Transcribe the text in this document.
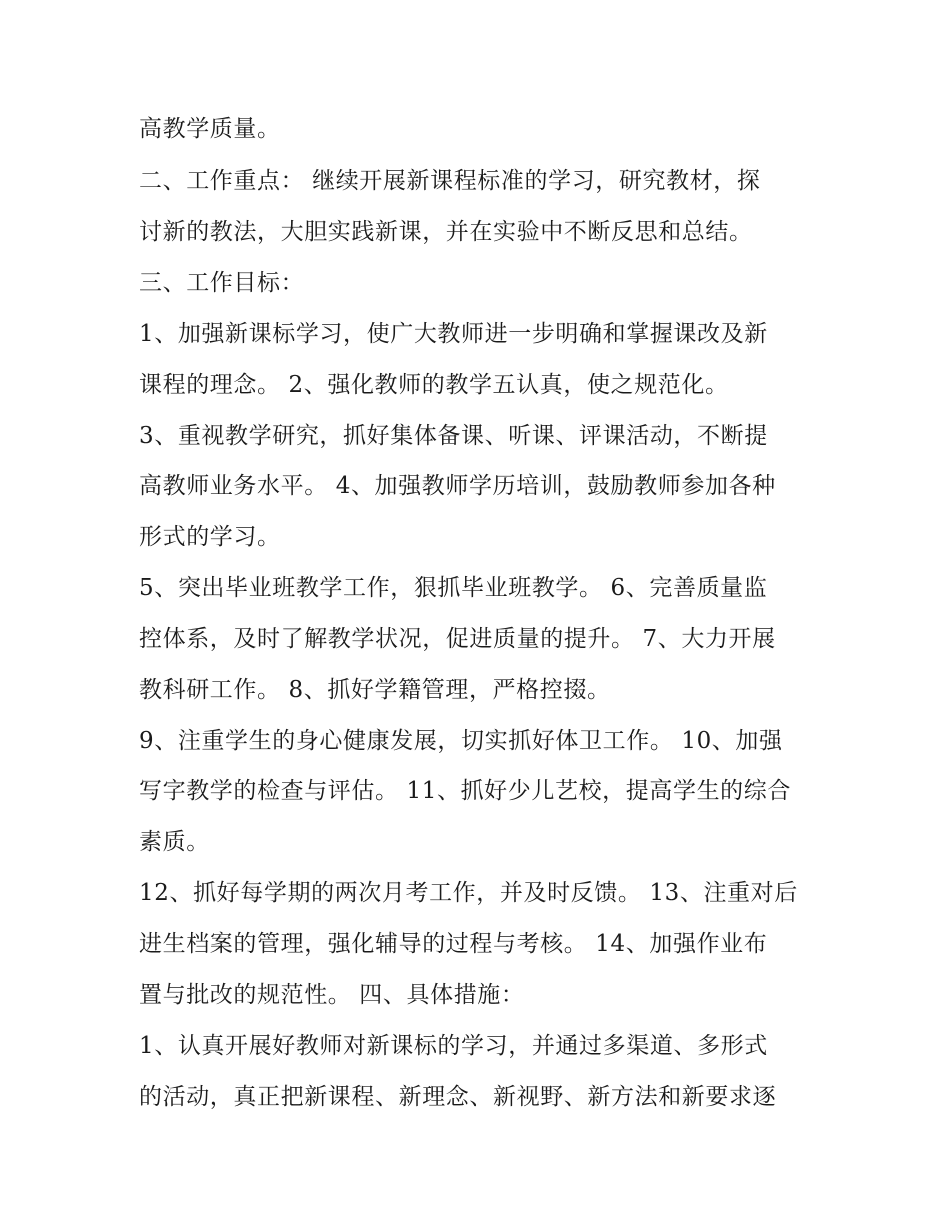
高教学质量。
二、工作重点： 继续开展新课程标准的学习，研究教材，探
讨新的教法，大胆实践新课，并在实验中不断反思和总结。
三、工作目标：
1、加强新课标学习，使广大教师进一步明确和掌握课改及新
课程的理念。 2、强化教师的教学五认真，使之规范化。
3、重视教学研究，抓好集体备课、听课、评课活动，不断提
高教师业务水平。 4、加强教师学历培训，鼓励教师参加各种
形式的学习。
5、突出毕业班教学工作，狠抓毕业班教学。 6、完善质量监
控体系，及时了解教学状况，促进质量的提升。 7、大力开展
教科研工作。 8、抓好学籍管理，严格控掇。
9、注重学生的身心健康发展，切实抓好体卫工作。 10、加强
写字教学的检查与评估。 11、抓好少儿艺校，提高学生的综合
素质。
12、抓好每学期的两次月考工作，并及时反馈。 13、注重对后
进生档案的管理，强化辅导的过程与考核。 14、加强作业布
置与批改的规范性。 四、具体措施：
1、认真开展好教师对新课标的学习，并通过多渠道、多形式
的活动，真正把新课程、新理念、新视野、新方法和新要求逐
